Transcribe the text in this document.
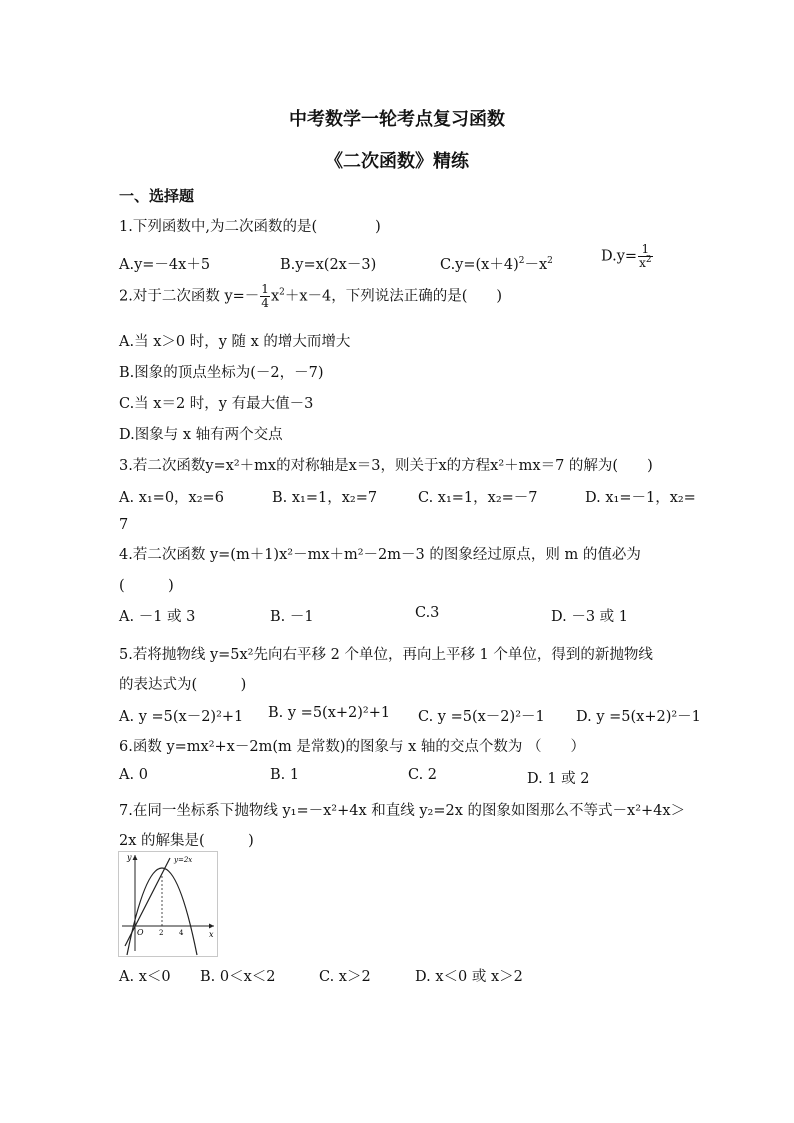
中考数学一轮考点复习函数
《二次函数》精练
一、选择题
1.下列函数中,为二次函数的是(　　　　)
A.y=－4x＋5	B.y=x(2x－3)	$C.y=(x+4)^2-x^2$	$D.y= \frac{1}{x^2}$
2.对于二次函数 $y=- \frac{1}{4} x^2+x-4$，下列说法正确的是(　　)
A.当 x＞0 时，y 随 x 的增大而增大
B.图象的顶点坐标为(－2，－7)
C.当 x＝2 时，y 有最大值－3
D.图象与 x 轴有两个交点
3.若二次函数y=x²＋mx的对称轴是x＝3，则关于x的方程x²＋mx＝7 的解为(　　)
A. x₁=0，x₂=6	B. x₁=1，x₂=7	C. x₁=1，x₂=－7	D. x₁=－1，x₂=
7
4.若二次函数 y=(m＋1)x²－mx＋m²－2m－3 的图象经过原点，则 m 的值必为
(　　　)
A. －1 或 3	B. －1	C.3	D. －3 或 1
5.若将抛物线 y=5x²先向右平移 2 个单位，再向上平移 1 个单位，得到的新抛物线
的表达式为(　　　)
A. y =5(x－2)²+1 B. y =5(x+2)²+1 C. y =5(x－2)²－1 D. y =5(x+2)²－1
6.函数 y=mx²+x－2m(m 是常数)的图象与 x 轴的交点个数为 （　　）
A. 0	B. 1	C. 2	D. 1 或 2
7.在同一坐标系下抛物线 y₁=－x²+4x 和直线 y₂=2x 的图象如图那么不等式－x²+4x＞
2x 的解集是(　　　)
y
x
O 2 4
y=2x
A. x＜0 B. 0＜x＜2	C. x＞2	D. x＜0 或 x＞2
